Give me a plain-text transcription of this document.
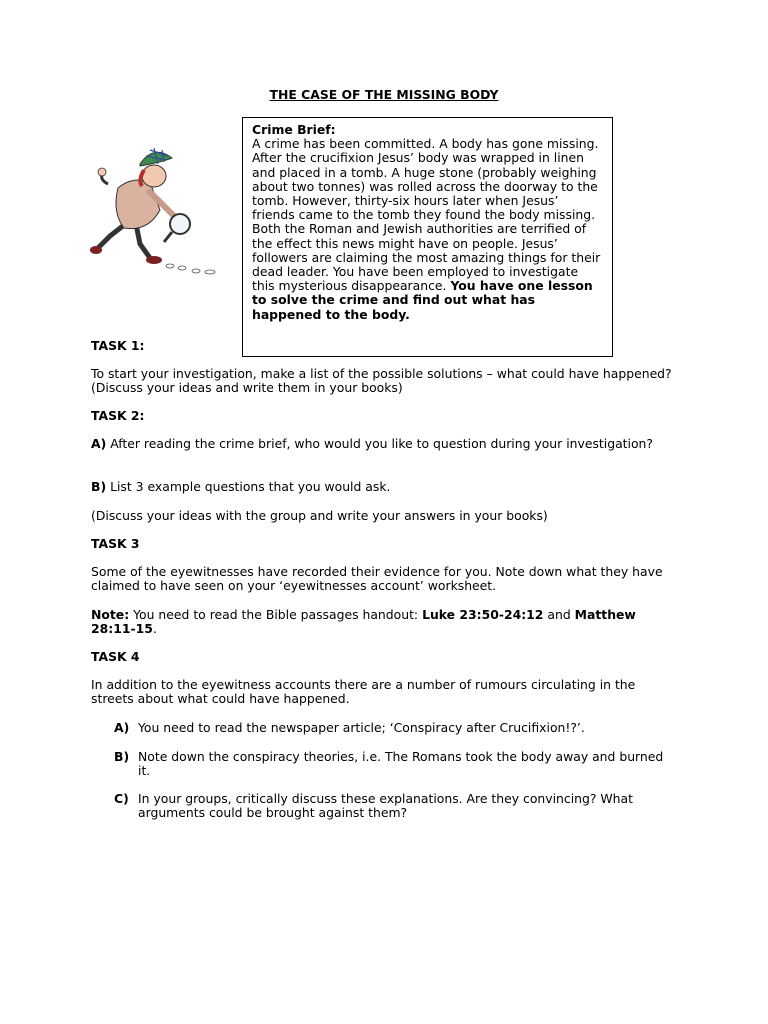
THE CASE OF THE MISSING BODY
Crime Brief:
A crime has been committed. A body has gone missing. After the crucifixion Jesus’ body was wrapped in linen and placed in a tomb. A huge stone (probably weighing about two tonnes) was rolled across the doorway to the tomb. However, thirty-six hours later when Jesus’ friends came to the tomb they found the body missing. Both the Roman and Jewish authorities are terrified of the effect this news might have on people. Jesus’ followers are claiming the most amazing things for their dead leader. You have been employed to investigate this mysterious disappearance. You have one lesson to solve the crime and find out what has happened to the body.
TASK 1:
To start your investigation, make a list of the possible solutions – what could have happened? (Discuss your ideas and write them in your books)
TASK 2:
A) After reading the crime brief, who would you like to question during your investigation?
B) List 3 example questions that you would ask.
(Discuss your ideas with the group and write your answers in your books)
TASK 3
Some of the eyewitnesses have recorded their evidence for you. Note down what they have claimed to have seen on your ‘eyewitnesses account’ worksheet.
Note: You need to read the Bible passages handout: Luke 23:50-24:12 and Matthew 28:11-15.
TASK 4
In addition to the eyewitness accounts there are a number of rumours circulating in the streets about what could have happened.
A) You need to read the newspaper article; ‘Conspiracy after Crucifixion!?’.
B) Note down the conspiracy theories, i.e. The Romans took the body away and burned it.
C) In your groups, critically discuss these explanations. Are they convincing? What arguments could be brought against them?
